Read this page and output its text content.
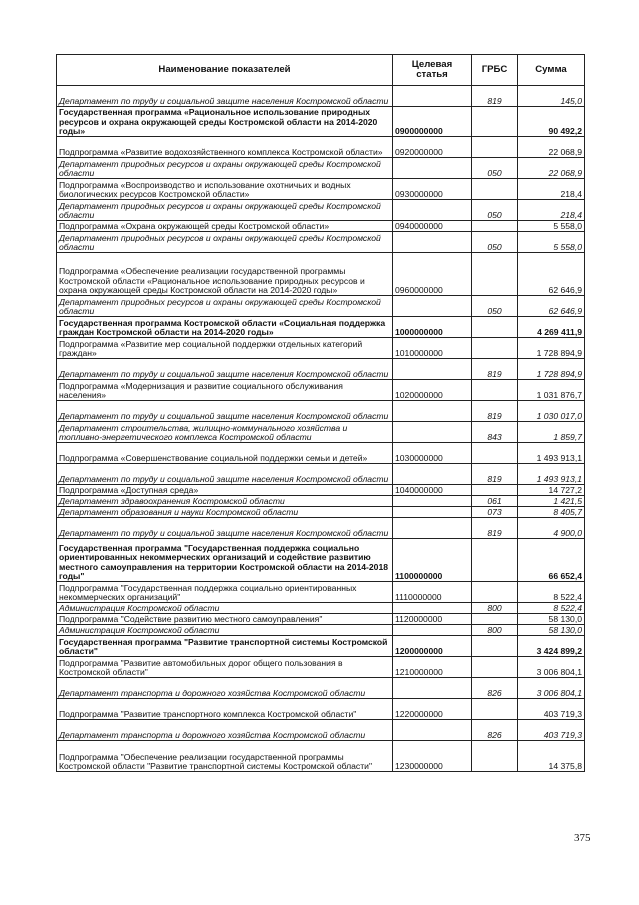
Наименование показателей	Целевая статья	ГРБС	Сумма
Департамент по труду и социальной защите населения Костромской области		819	145,0
Государственная программа «Рациональное использование природных ресурсов и охрана окружающей среды Костромской области на 2014-2020 годы»	0900000000		90 492,2
Подпрограмма «Развитие водохозяйственного комплекса Костромской области»	0920000000		22 068,9
Департамент природных ресурсов и охраны окружающей среды Костромской области		050	22 068,9
Подпрограмма «Воспроизводство и использование охотничьих и водных биологических ресурсов Костромской области»	0930000000		218,4
Департамент природных ресурсов и охраны окружающей среды Костромской области		050	218,4
Подпрограмма «Охрана окружающей среды Костромской области»	0940000000		5 558,0
Департамент природных ресурсов и охраны окружающей среды Костромской области		050	5 558,0
Подпрограмма «Обеспечение реализации государственной программы Костромской области «Рациональное использование природных ресурсов и охрана окружающей среды Костромской области на 2014-2020 годы»	0960000000		62 646,9
Департамент природных ресурсов и охраны окружающей среды Костромской области		050	62 646,9
Государственная программа Костромской области «Социальная поддержка граждан Костромской области на 2014-2020 годы»	1000000000		4 269 411,9
Подпрограмма «Развитие мер социальной поддержки отдельных категорий граждан»	1010000000		1 728 894,9
Департамент по труду и социальной защите населения Костромской области		819	1 728 894,9
Подпрограмма «Модернизация и развитие социального обслуживания населения»	1020000000		1 031 876,7
Департамент по труду и социальной защите населения Костромской области		819	1 030 017,0
Департамент строительства, жилищно-коммунального хозяйства и топливно-энергетического комплекса Костромской области		843	1 859,7
Подпрограмма «Совершенствование социальной поддержки семьи и детей»	1030000000		1 493 913,1
Департамент по труду и социальной защите населения Костромской области		819	1 493 913,1
Подпрограмма «Доступная среда»	1040000000		14 727,2
Департамент здравоохранения Костромской области		061	1 421,5
Департамент образования и науки Костромской области		073	8 405,7
Департамент по труду и социальной защите населения Костромской области		819	4 900,0
Государственная программа "Государственная поддержка социально ориентированных некоммерческих организаций и содействие развитию местного самоуправления на территории Костромской области на 2014-2018 годы"	1100000000		66 652,4
Подпрограмма "Государственная поддержка социально ориентированных некоммерческих организаций"	1110000000		8 522,4
Администрация Костромской области		800	8 522,4
Подпрограмма "Содействие развитию местного самоуправления"	1120000000		58 130,0
Администрация Костромской области		800	58 130,0
Государственная программа "Развитие транспортной системы Костромской области"	1200000000		3 424 899,2
Подпрограмма "Развитие автомобильных дорог общего пользования в Костромской области"	1210000000		3 006 804,1
Департамент транспорта и дорожного хозяйства Костромской области		826	3 006 804,1
Подпрограмма "Развитие транспортного комплекса Костромской области"	1220000000		403 719,3
Департамент транспорта и дорожного хозяйства Костромской области		826	403 719,3
Подпрограмма "Обеспечение реализации государственной программы Костромской области "Развитие транспортной системы Костромской области"	1230000000		14 375,8
375
